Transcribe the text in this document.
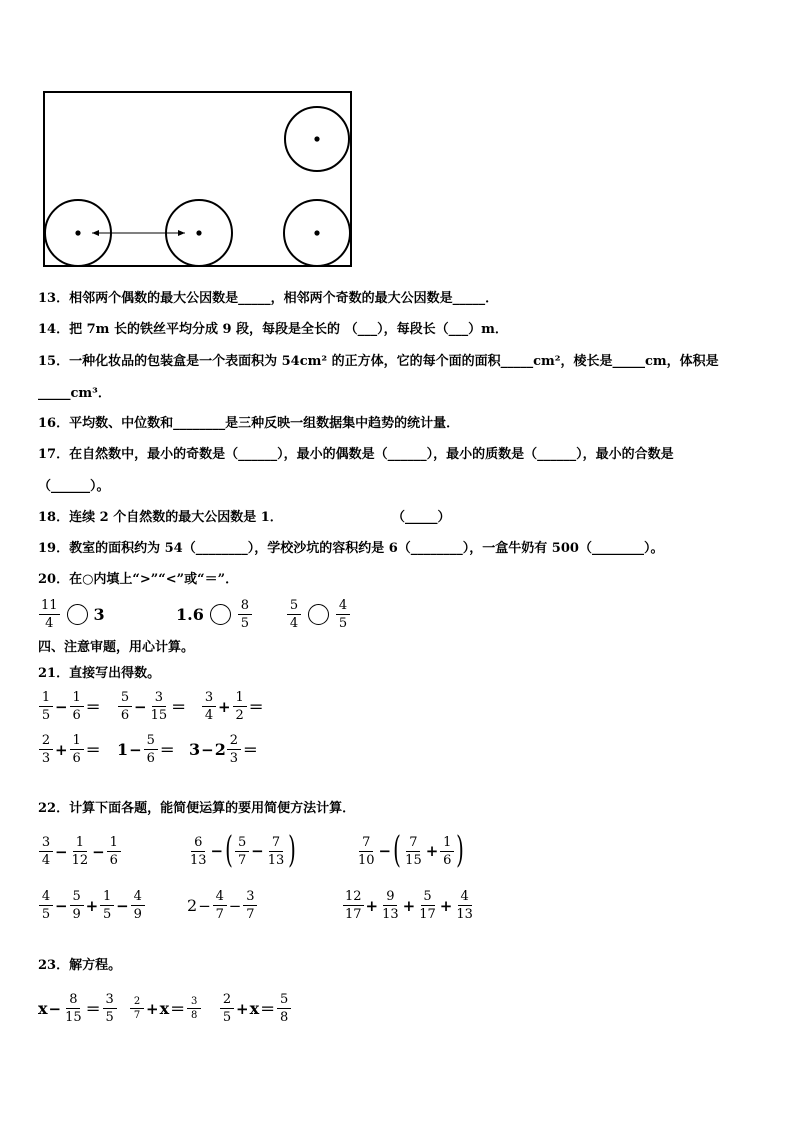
13．相邻两个偶数的最大公因数是_____，相邻两个奇数的最大公因数是_____．
14．把 7m 长的铁丝平均分成 9 段，每段是全长的 （___），每段长（___）m．
15．一种化妆品的包装盒是一个表面积为 54cm² 的正方体，它的每个面的面积_____cm²，棱长是_____cm，体积是
_____cm³．
16．平均数、中位数和________是三种反映一组数据集中趋势的统计量．
17．在自然数中，最小的奇数是（______），最小的偶数是（______），最小的质数是（______），最小的合数是
（______）。
18．连续 2 个自然数的最大公因数是 1．	（_____）
19．教室的面积约为 54（________），学校沙坑的容积约是 6（________），一盒牛奶有 500（________）。
20．在○内填上“>”“<”或“＝”．
$\frac{11}{4} 3$	1.6	$\frac{8}{5}$	$\frac{5}{4}$	$\frac{4}{5}$
四、注意审题，用心计算。
21．直接写出得数。
$\frac{1}{5} - \frac{1}{6} = \frac{5}{6} - \frac{3}{15} = \frac{3}{4} + \frac{1}{2}$ ＝
$\frac{2}{3} + \frac{1}{6} = 1 - \frac{5}{6} = 3 - 2 \frac{2}{3}$ ＝
22．计算下面各题，能简便运算的要用简便方法计算．
$\frac{3}{4} - \frac{1}{12} - \frac{1}{6}$	$\frac{6}{13}$ − ( $\frac{5}{7} - \frac{7}{13}$ )	$\frac{7}{10}$ − ( $\frac{7}{15} + \frac{1}{6}$ )
$\frac{4}{5} - \frac{5}{9} + \frac{1}{5} - \frac{4}{9}$	$2 - \frac{4}{7} - \frac{3}{7}$	$\frac{12}{17} + \frac{9}{13} + \frac{5}{17} + \frac{4}{13}$
23．解方程。
$x - \frac{8}{15} = \frac{3}{5} \frac{2}{7} + x = \frac{3}{8} \frac{2}{5} + x = \frac{5}{8}$
